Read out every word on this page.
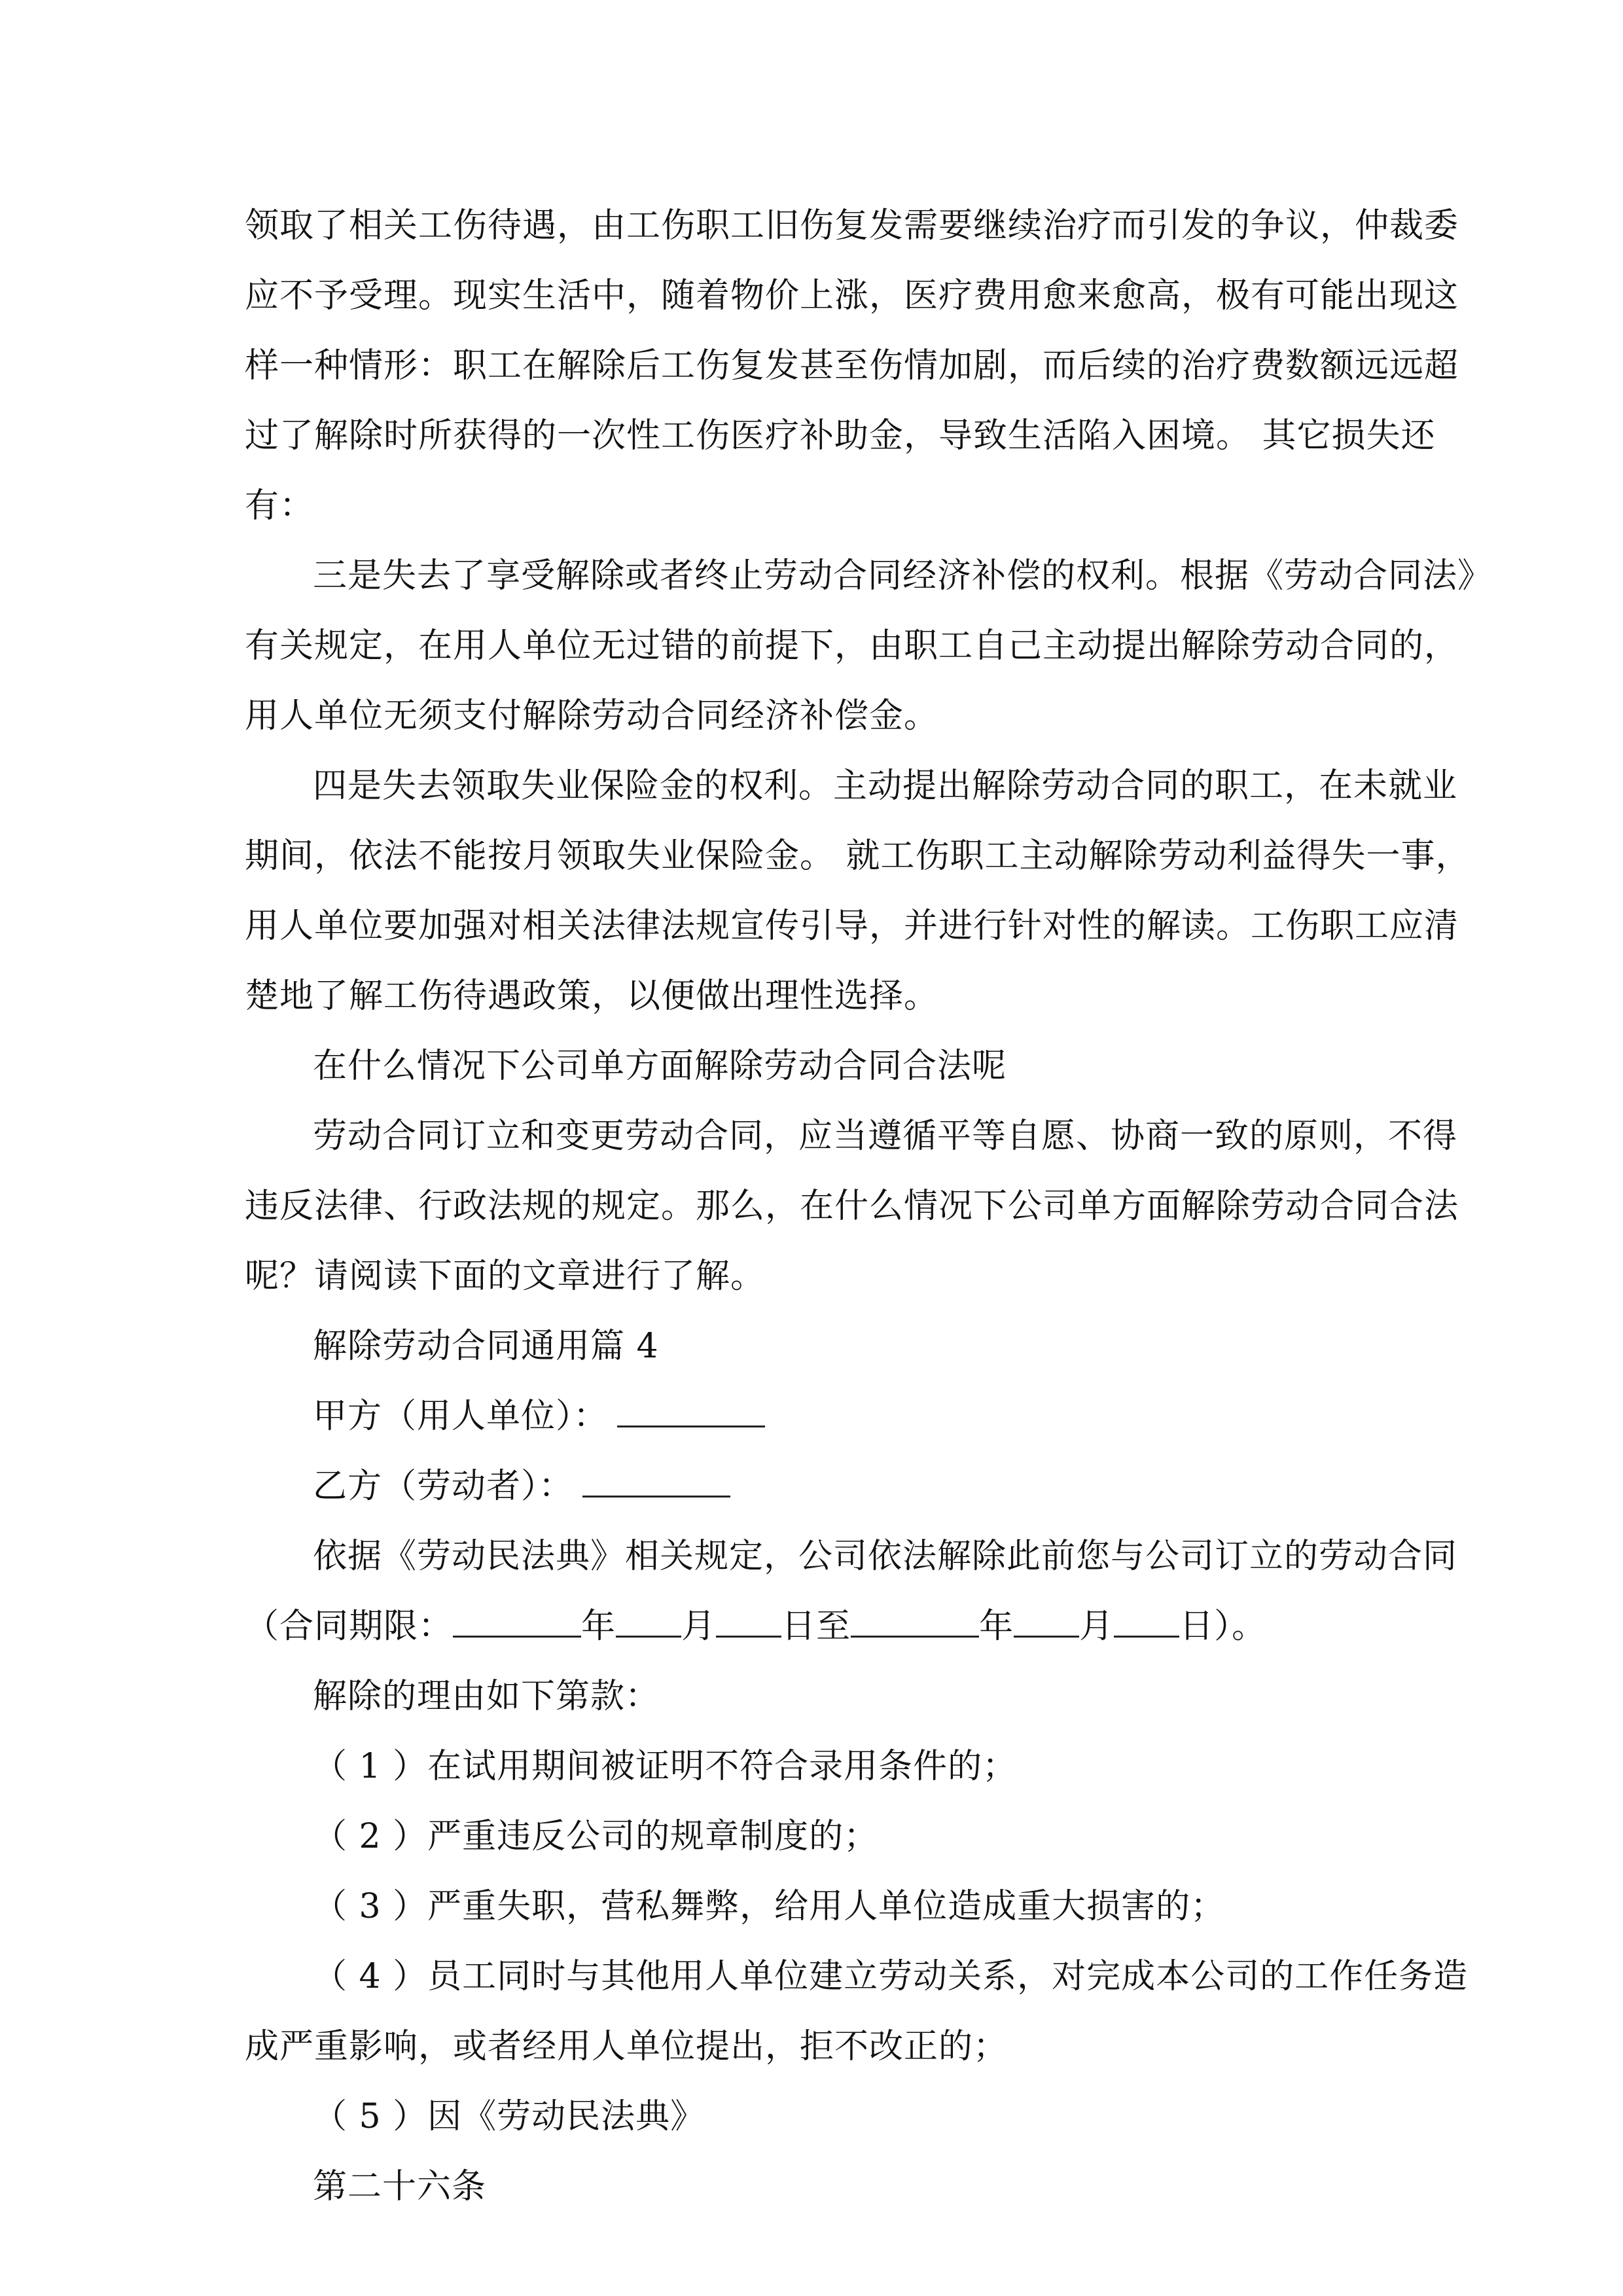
领取了相关工伤待遇，由工伤职工旧伤复发需要继续治疗而引发的争议，仲裁委
应不予受理。现实生活中，随着物价上涨，医疗费用愈来愈高，极有可能出现这
样一种情形：职工在解除后工伤复发甚至伤情加剧，而后续的治疗费数额远远超
过了解除时所获得的一次性工伤医疗补助金，导致生活陷入困境。 其它损失还
有：
三是失去了享受解除或者终止劳动合同经济补偿的权利。根据《劳动合同法》
有关规定，在用人单位无过错的前提下，由职工自己主动提出解除劳动合同的，
用人单位无须支付解除劳动合同经济补偿金。
四是失去领取失业保险金的权利。主动提出解除劳动合同的职工，在未就业
期间，依法不能按月领取失业保险金。 就工伤职工主动解除劳动利益得失一事，
用人单位要加强对相关法律法规宣传引导，并进行针对性的解读。工伤职工应清
楚地了解工伤待遇政策，以便做出理性选择。
在什么情况下公司单方面解除劳动合同合法呢
劳动合同订立和变更劳动合同，应当遵循平等自愿、协商一致的原则，不得
违反法律、行政法规的规定。那么，在什么情况下公司单方面解除劳动合同合法
呢？请阅读下面的文章进行了解。
解除劳动合同通用篇 4
甲方（用人单位）：
乙方（劳动者）：
依据《劳动民法典》相关规定，公司依法解除此前您与公司订立的劳动合同
（合同期限：	年 月 日至	年 月 日）。
解除的理由如下第款：
（ 1 ）在试用期间被证明不符合录用条件的；
（ 2 ）严重违反公司的规章制度的；
（ 3 ）严重失职，营私舞弊，给用人单位造成重大损害的；
（ 4 ）员工同时与其他用人单位建立劳动关系，对完成本公司的工作任务造
成严重影响，或者经用人单位提出，拒不改正的；
（ 5 ）因《劳动民法典》
第二十六条
